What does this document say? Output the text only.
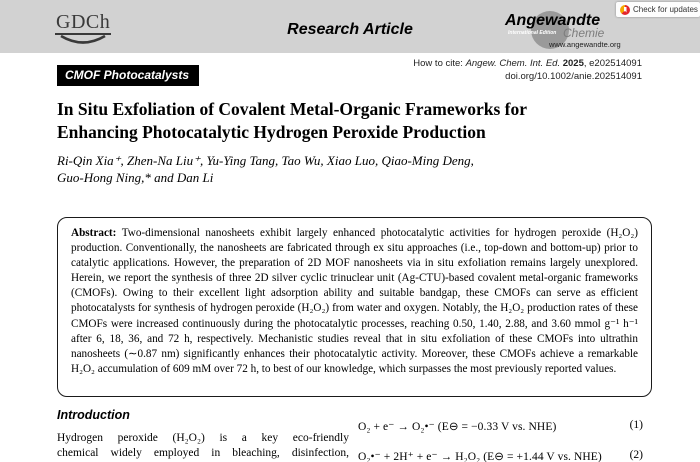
GDCh	Research Article
Angewandte
International Edition Chemie
www.angewandte.org
Check for updates
How to cite: Angew. Chem. Int. Ed. 2025, e202514091
doi.org/10.1002/anie.202514091
CMOF Photocatalysts
In Situ Exfoliation of Covalent Metal-Organic Frameworks for
Enhancing Photocatalytic Hydrogen Peroxide Production
Ri-Qin Xia⁺, Zhen-Na Liu⁺, Yu-Ying Tang, Tao Wu, Xiao Luo, Qiao-Ming Deng,
Guo-Hong Ning,* and Dan Li
Abstract: Two-dimensional nanosheets exhibit largely enhanced photocatalytic activities for hydrogen peroxide (H₂O₂) production. Conventionally, the nanosheets are fabricated through ex situ approaches (i.e., top-down and bottom-up) prior to catalytic applications. However, the preparation of 2D MOF nanosheets via in situ exfoliation remains largely unexplored. Herein, we report the synthesis of three 2D silver cyclic trinuclear unit (Ag-CTU)-based covalent metal-organic frameworks (CMOFs). Owing to their excellent light adsorption ability and suitable bandgap, these CMOFs can serve as efficient photocatalysts for synthesis of hydrogen peroxide (H₂O₂) from water and oxygen. Notably, the H₂O₂ production rates of these CMOFs were increased continuously during the photocatalytic processes, reaching 0.50, 1.40, 2.88, and 3.60 mmol g⁻¹ h⁻¹ after 6, 18, 36, and 72 h, respectively. Mechanistic studies reveal that in situ exfoliation of these CMOFs into ultrathin nanosheets (∼0.87 nm) significantly enhances their photocatalytic activity. Moreover, these CMOFs achieve a remarkable H₂O₂ accumulation of 609 mM over 72 h, to best of our knowledge, which surpasses the most previously reported values.
Introduction
Hydrogen peroxide (H₂O₂) is a key eco-friendly
chemical widely employed in bleaching, disinfection,
O₂ + e⁻ → O₂•⁻ (E⊖ = −0.33 V vs. NHE)	(1)
O₂•⁻ + 2H⁺ + e⁻ → H₂O₂ (E⊖ = +1.44 V vs. NHE) (2)
